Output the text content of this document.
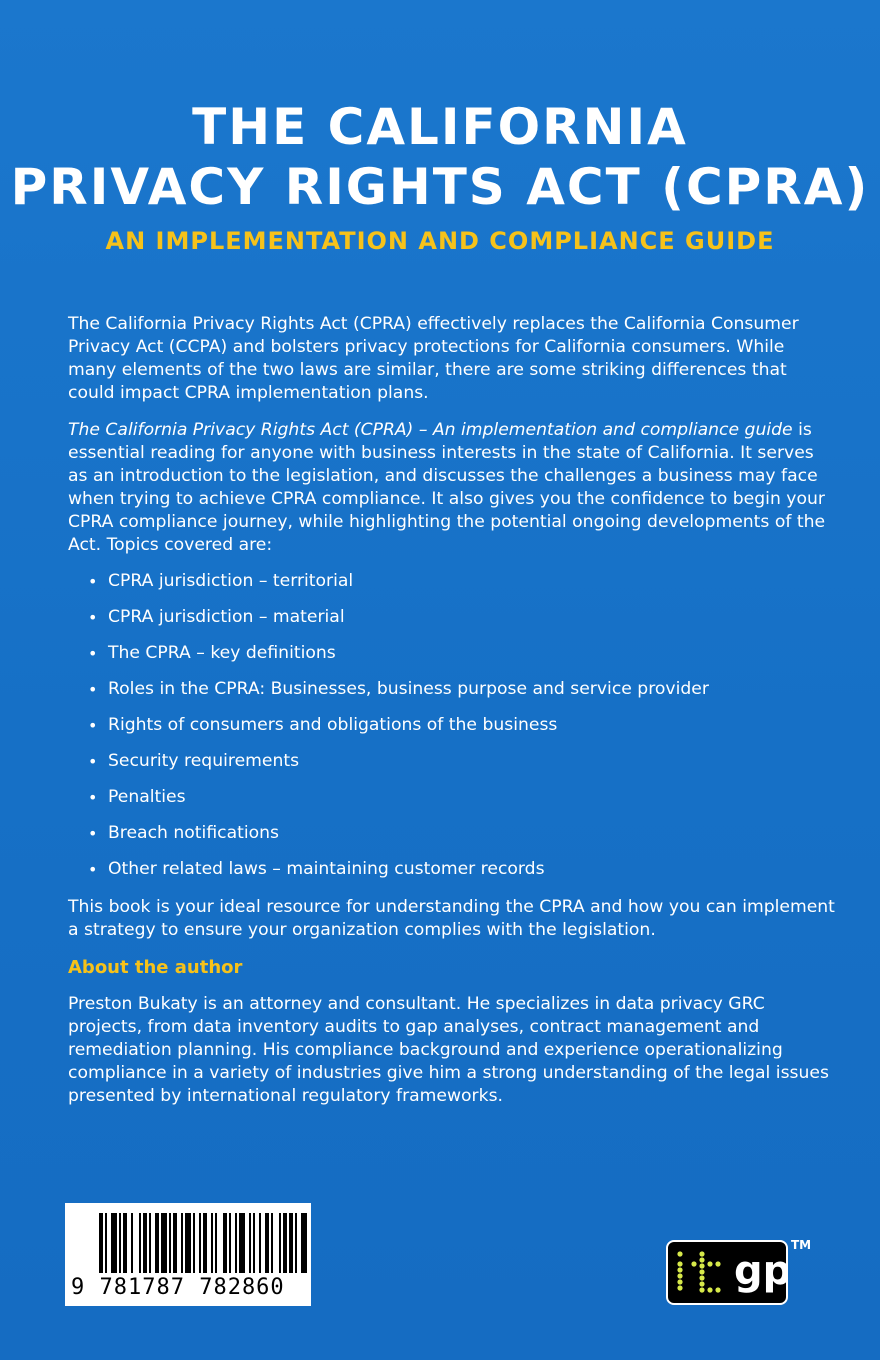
THE CALIFORNIA
PRIVACY RIGHTS ACT (CPRA)
AN IMPLEMENTATION AND COMPLIANCE GUIDE

The California Privacy Rights Act (CPRA) effectively replaces the California Consumer Privacy Act (CCPA) and bolsters privacy protections for California consumers. While many elements of the two laws are similar, there are some striking differences that could impact CPRA implementation plans.

The California Privacy Rights Act (CPRA) – An implementation and compliance guide is essential reading for anyone with business interests in the state of California. It serves as an introduction to the legislation, and discusses the challenges a business may face when trying to achieve CPRA compliance. It also gives you the confidence to begin your CPRA compliance journey, while highlighting the potential ongoing developments of the Act. Topics covered are:

• CPRA jurisdiction – territorial
• CPRA jurisdiction – material
• The CPRA – key definitions
• Roles in the CPRA: Businesses, business purpose and service provider
• Rights of consumers and obligations of the business
• Security requirements
• Penalties
• Breach notifications
• Other related laws – maintaining customer records

This book is your ideal resource for understanding the CPRA and how you can implement a strategy to ensure your organization complies with the legislation.

About the author

Preston Bukaty is an attorney and consultant. He specializes in data privacy GRC projects, from data inventory audits to gap analyses, contract management and remediation planning. His compliance background and experience operationalizing compliance in a variety of industries give him a strong understanding of the legal issues presented by international regulatory frameworks.

9 781787 782860	gp
TM
